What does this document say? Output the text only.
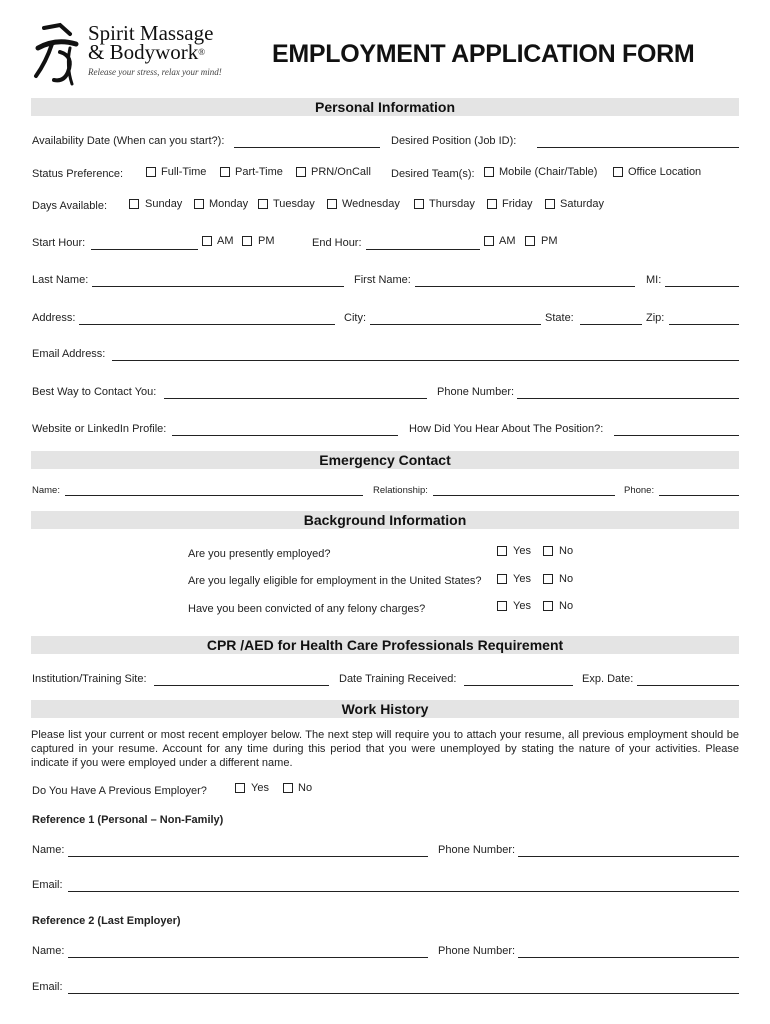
Spirit Massage
& Bodywork®
Release your stress, relax your mind!
EMPLOYMENT APPLICATION FORM
Personal Information
Availability Date (When can you start?):	Desired Position (Job ID):
Status Preference:	Full-Time	Part-Time	PRN/OnCall Desired Team(s): Mobile (Chair/Table)	Office Location
Days Available:	Sunday Monday Tuesday Wednesday	Thursday Friday Saturday
Start Hour:	AM PM	End Hour:	AM PM
Last Name:	First Name:	MI:
Address:	City:	State:	Zip:
Email Address:
Best Way to Contact You:	Phone Number:
Website or LinkedIn Profile:	How Did You Hear About The Position?:
Emergency Contact
Name:	Relationship:	Phone:
Background Information
Are you presently employed?	Yes	No
Are you legally eligible for employment in the United States?	Yes	No
Have you been convicted of any felony charges?	Yes	No
CPR /AED for Health Care Professionals Requirement
Institution/Training Site:	Date Training Received:	Exp. Date:
Work History
Please list your current or most recent employer below. The next step will require you to attach your resume, all previous employment should be captured in your resume. Account for any time during this period that you were unemployed by stating the nature of your activities. Please indicate if you were employed under a different name.
Do You Have A Previous Employer?	Yes	No
Reference 1 (Personal – Non-Family)
Name:	Phone Number:
Email:
Reference 2 (Last Employer)
Name:	Phone Number:
Email:
